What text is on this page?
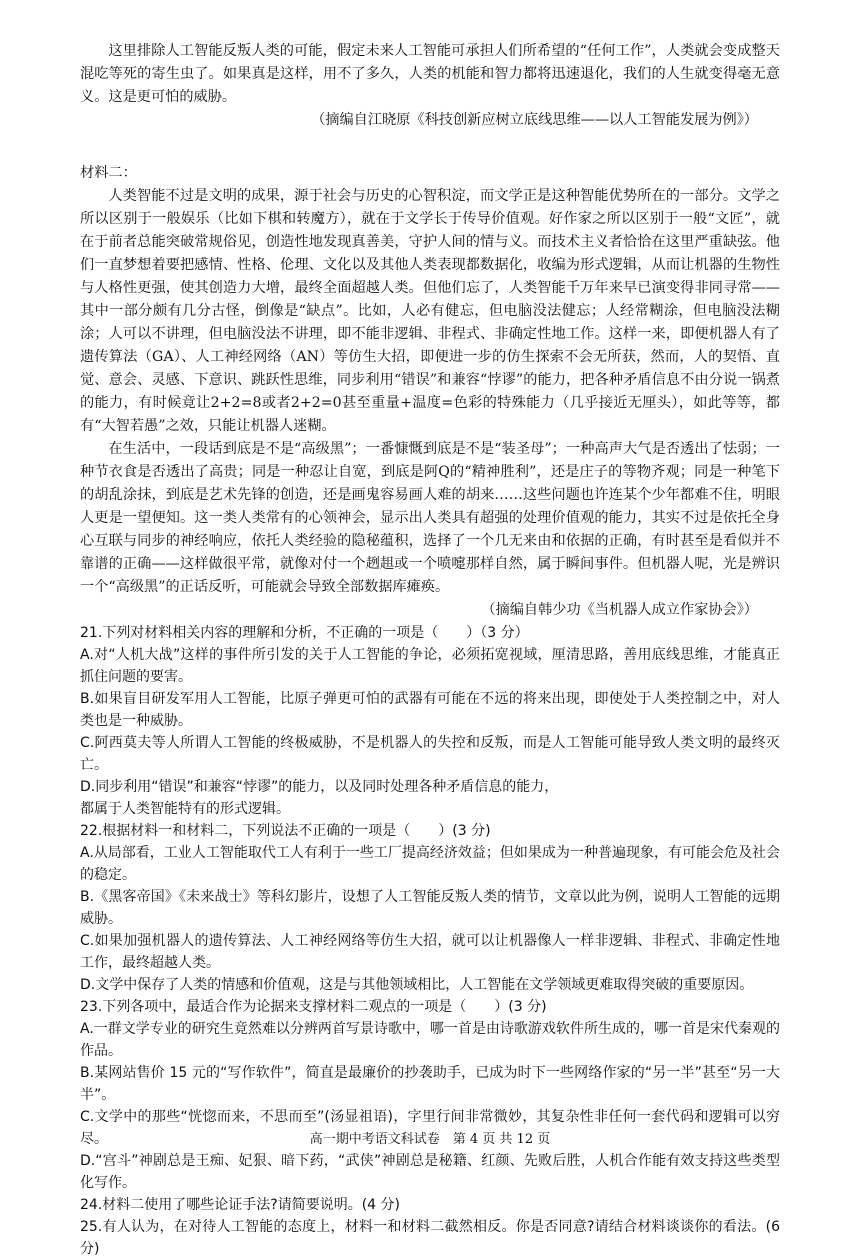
这里排除人工智能反叛人类的可能，假定未来人工智能可承担人们所希望的“任何工作”，人类就会变成整天混吃等死的寄生虫了。如果真是这样，用不了多久，人类的机能和智力都将迅速退化，我们的人生就变得毫无意义。这是更可怕的威胁。

（摘编自江晓原《科技创新应树立底线思维——以人工智能发展为例》）

材料二：

人类智能不过是文明的成果，源于社会与历史的心智积淀，而文学正是这种智能优势所在的一部分。文学之所以区别于一般娱乐（比如下棋和转魔方），就在于文学长于传导价值观。好作家之所以区别于一般“文匠”，就在于前者总能突破常规俗见，创造性地发现真善美，守护人间的情与义。而技术主义者恰恰在这里严重缺弦。他们一直梦想着要把感情、性格、伦理、文化以及其他人类表现都数据化，收编为形式逻辑，从而让机器的生物性与人格性更强，使其创造力大增，最终全面超越人类。但他们忘了，人类智能千万年来早已演变得非同寻常——其中一部分颇有几分古怪，倒像是“缺点”。比如，人必有健忘，但电脑没法健忘；人经常糊涂，但电脑没法糊涂；人可以不讲理，但电脑没法不讲理，即不能非逻辑、非程式、非确定性地工作。这样一来，即便机器人有了遗传算法（GA）、人工神经网络（AN）等仿生大招，即便进一步的仿生探索不会无所获，然而，人的契悟、直觉、意会、灵感、下意识、跳跃性思维，同步利用“错误”和兼容“悖谬”的能力，把各种矛盾信息不由分说一锅煮的能力，有时候竟让2+2=8或者2+2=0甚至重量+温度=色彩的特殊能力（几乎接近无厘头），如此等等，都有“大智若愚”之效，只能让机器人迷糊。

在生活中，一段话到底是不是“高级黑”；一番慷慨到底是不是“装圣母”；一种高声大气是否透出了怯弱；一种节衣食是否透出了高贵；同是一种忍让自宽，到底是阿Q的“精神胜利”，还是庄子的等物齐观；同是一种笔下的胡乱涂抹，到底是艺术先锋的创造，还是画鬼容易画人难的胡来……这些问题也许连某个少年都难不住，明眼人更是一望便知。这一类人类常有的心领神会，显示出人类具有超强的处理价值观的能力，其实不过是依托全身心互联与同步的神经响应，依托人类经验的隐秘蕴积，选择了一个几无来由和依据的正确，有时甚至是看似并不靠谱的正确——这样做很平常，就像对付一个趔趄或一个喷嚏那样自然，属于瞬间事件。但机器人呢，光是辨识一个“高级黑”的正话反听，可能就会导致全部数据库瘫痪。

（摘编自韩少功《当机器人成立作家协会》）

21.下列对材料相关内容的理解和分析，不正确的一项是（　　）（3 分）

A.对“人机大战”这样的事件所引发的关于人工智能的争论，必须拓宽视域，厘清思路，善用底线思维，才能真正抓住问题的要害。

B.如果盲目研发军用人工智能，比原子弹更可怕的武器有可能在不远的将来出现，即使处于人类控制之中，对人类也是一种威胁。

C.阿西莫夫等人所谓人工智能的终极威胁，不是机器人的失控和反叛，而是人工智能可能导致人类文明的最终灭亡。

D.同步利用“错误”和兼容“悖谬”的能力，以及同时处理各种矛盾信息的能力，

都属于人类智能特有的形式逻辑。

22.根据材料一和材料二，下列说法不正确的一项是（　　）(3 分)

A.从局部看，工业人工智能取代工人有利于一些工厂提高经济效益；但如果成为一种普遍现象，有可能会危及社会的稳定。

B.《黑客帝国》《未来战士》等科幻影片，设想了人工智能反叛人类的情节，文章以此为例，说明人工智能的远期威胁。

C.如果加强机器人的遗传算法、人工神经网络等仿生大招，就可以让机器像人一样非逻辑、非程式、非确定性地工作，最终超越人类。

D.文学中保存了人类的情感和价值观，这是与其他领域相比，人工智能在文学领域更难取得突破的重要原因。

23.下列各项中，最适合作为论据来支撑材料二观点的一项是（　　）(3 分)

A.一群文学专业的研究生竟然难以分辨两首写景诗歌中，哪一首是由诗歌游戏软件所生成的，哪一首是宋代秦观的作品。

B.某网站售价 15 元的“写作软件”，简直是最廉价的抄袭助手，已成为时下一些网络作家的“另一半”甚至“另一大半”。

C.文学中的那些“恍惚而来，不思而至”(汤显祖语)，字里行间非常微妙，其复杂性非任何一套代码和逻辑可以穷尽。

D.“宫斗”神剧总是王痴、妃狠、暗下药，“武侠”神剧总是秘籍、红颜、先败后胜，人机合作能有效支持这些类型化写作。

24.材料二使用了哪些论证手法?请简要说明。(4 分)

25.有人认为，在对待人工智能的态度上，材料一和材料二截然相反。你是否同意?请结合材料谈谈你的看法。(6 分)

高一期中考语文科试卷　第 4 页 共 12 页
